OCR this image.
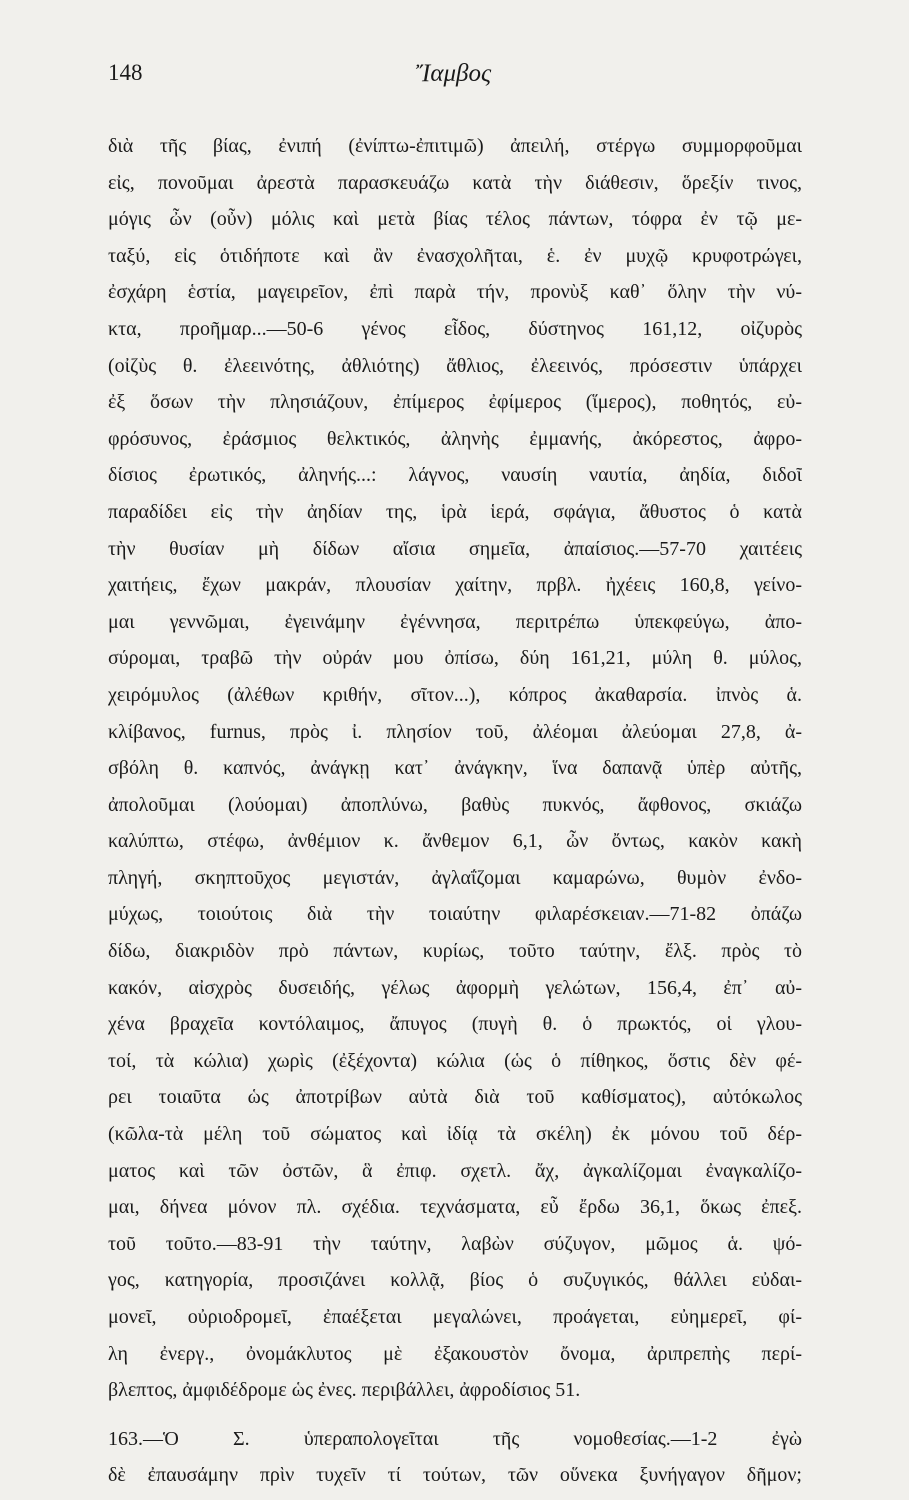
148	Ἴαμβος
διὰ τῆς βίας, ἐνιπή (ἐνίπτω-ἐπιτιμῶ) ἀπειλή, στέργω συμμορφοῦμαι
εἰς, πονοῦμαι ἀρεστὰ παρασκευάζω κατὰ τὴν διάθεσιν, ὅρεξίν τινος,
μόγις ὦν (οὖν) μόλις καὶ μετὰ βίας τέλος πάντων, τόφρα ἐν τῷ με-
ταξύ, εἰς ὁτιδήποτε καὶ ἂν ἐνασχολῆται, ἑ. ἐν μυχῷ κρυφοτρώγει,
ἐσχάρη ἑστία, μαγειρεῖον, ἐπὶ παρὰ τήν, προνὺξ καθ᾽ ὅλην τὴν νύ-
κτα, προῆμαρ...—50-6 γένος εἶδος, δύστηνος 161,12, οἰζυρὸς
(οἰζὺς θ. ἐλεεινότης, ἀθλιότης) ἄθλιος, ἐλεεινός, πρόσεστιν ὑπάρχει
ἐξ ὅσων τὴν πλησιάζουν, ἐπίμερος ἐφίμερος (ἵμερος), ποθητός, εὐ-
φρόσυνος, ἐράσμιος θελκτικός, ἀληνὴς ἐμμανής, ἀκόρεστος, ἀφρο-
δίσιος ἐρωτικός, ἀληνής...: λάγνος, ναυσίη ναυτία, ἀηδία, διδοῖ
παραδίδει εἰς τὴν ἀηδίαν της, ἱρὰ ἱερά, σφάγια, ἄθυστος ὁ κατὰ
τὴν θυσίαν μὴ δίδων αἴσια σημεῖα, ἀπαίσιος.—57-70 χαιτέεις
χαιτήεις, ἔχων μακράν, πλουσίαν χαίτην, πρβλ. ἠχέεις 160,8, γείνο-
μαι γεννῶμαι, ἐγεινάμην ἐγέννησα, περιτρέπω ὑπεκφεύγω, ἀπο-
σύρομαι, τραβῶ τὴν οὐράν μου ὀπίσω, δύη 161,21, μύλη θ. μύλος,
χειρόμυλος (ἀλέθων κριθήν, σῖτον...), κόπρος ἀκαθαρσία. ἰπνὸς ἁ.
κλίβανος, furnus, πρὸς ἰ. πλησίον τοῦ, ἀλέομαι ἀλεύομαι 27,8, ἀ-
σβόλη θ. καπνός, ἀνάγκῃ κατ᾽ ἀνάγκην, ἵνα δαπανᾷ ὑπὲρ αὐτῆς,
ἀπολοῦμαι (λούομαι) ἀποπλύνω, βαθὺς πυκνός, ἄφθονος, σκιάζω
καλύπτω, στέφω, ἀνθέμιον κ. ἄνθεμον 6,1, ὦν ὄντως, κακὸν κακὴ
πληγή, σκηπτοῦχος μεγιστάν, ἀγλαΐζομαι καμαρώνω, θυμὸν ἐνδο-
μύχως, τοιούτοις διὰ τὴν τοιαύτην φιλαρέσκειαν.—71-82 ὀπάζω
δίδω, διακριδὸν πρὸ πάντων, κυρίως, τοῦτο ταύτην, ἔλξ. πρὸς τὸ
κακόν, αἰσχρὸς δυσειδής, γέλως ἀφορμὴ γελώτων, 156,4, ἐπ᾽ αὐ-
χένα βραχεῖα κοντόλαιμος, ἄπυγος (πυγὴ θ. ὁ πρωκτός, οἱ γλου-
τοί, τὰ κώλια) χωρὶς (ἐξέχοντα) κώλια (ὡς ὁ πίθηκος, ὅστις δὲν φέ-
ρει τοιαῦτα ὡς ἀποτρίβων αὐτὰ διὰ τοῦ καθίσματος), αὐτόκωλος
(κῶλα-τὰ μέλη τοῦ σώματος καὶ ἰδίᾳ τὰ σκέλη) ἐκ μόνου τοῦ δέρ-
ματος καὶ τῶν ὀστῶν, ἃ ἐπιφ. σχετλ. ἄχ, ἀγκαλίζομαι ἐναγκαλίζο-
μαι, δήνεα μόνον πλ. σχέδια. τεχνάσματα, εὖ ἔρδω 36,1, ὅκως ἐπεξ.
τοῦ τοῦτο.—83-91 τὴν ταύτην, λαβὼν σύζυγον, μῶμος ἁ. ψό-
γος, κατηγορία, προσιζάνει κολλᾷ, βίος ὁ συζυγικός, θάλλει εὐδαι-
μονεῖ, οὐριοδρομεῖ, ἐπαέξεται μεγαλώνει, προάγεται, εὐημερεῖ, φί-
λη ἐνεργ., ὀνομάκλυτος μὲ ἐξακουστὸν ὄνομα, ἀριπρεπὴς περί-
βλεπτος, ἀμφιδέδρομε ὡς ἐνες. περιβάλλει, ἀφροδίσιος 51.
163.—Ὁ Σ. ὑπεραπολογεῖται τῆς νομοθεσίας.—1-2 ἐγὼ
δὲ ἐπαυσάμην πρὶν τυχεῖν τί τούτων, τῶν οὕνεκα ξυνήγαγον δῆμον;
